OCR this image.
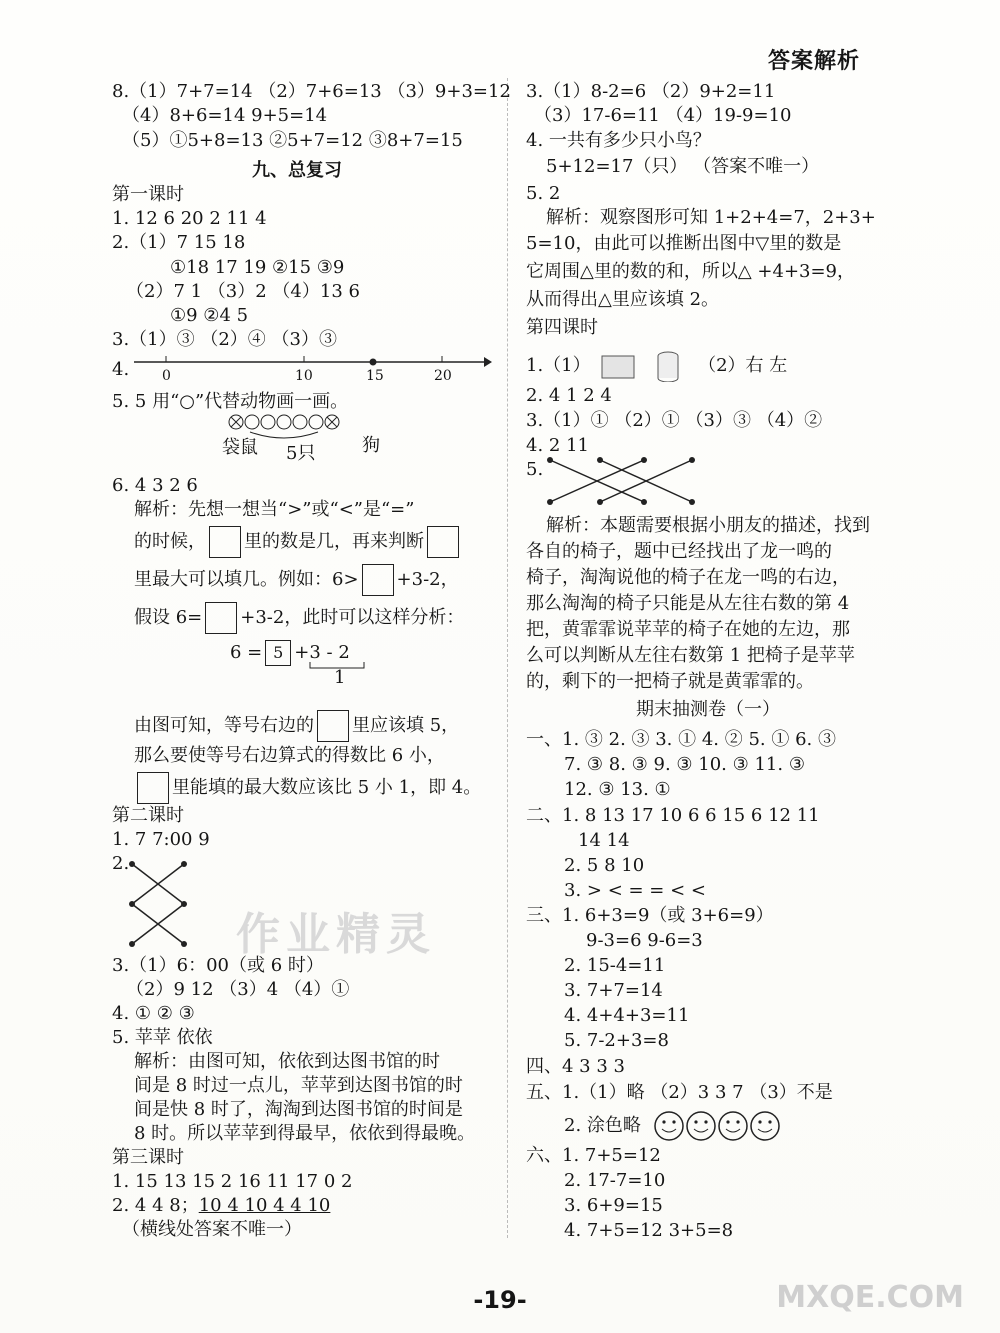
答案解析
作业精灵
8.（1）7+7=14 （2）7+6=13 （3）9+3=12
（4）8+6=14 9+5=14
（5）①5+8=13 ②5+7=12 ③8+7=15
九、总复习
第一课时
1. 12 6 20 2 11 4
2.（1）7 15 18
①18 17 19 ②15 ③9
（2）7 1 （3）2 （4）13 6
①9 ②4 5
3.（1）③ （2）④ （3）③
4. 0	10	15	20
5. 5 用“○”代替动物画一画。
袋鼠 5只	狗
6. 4 3 2 6
解析：先想一想当“>”或“<”是“=”
的时候， 里的数是几，再来判断
里最大可以填几。例如：6> +3-2，
假设 6= +3-2，此时可以这样分析：
6 = 5 +3 - 2
1
由图可知，等号右边的 里应该填 5，
那么要使等号右边算式的得数比 6 小，
里能填的最大数应该比 5 小 1，即 4。
第二课时
1. 7 7:00 9
2.
3.（1）6：00（或 6 时）
（2）9 12 （3）4 （4）①
4. ① ② ③
5. 苹苹 依依
解析：由图可知，依依到达图书馆的时
间是 8 时过一点儿，苹苹到达图书馆的时
间是快 8 时了，淘淘到达图书馆的时间是
8 时。所以苹苹到得最早，依依到得最晚。
第三课时
1. 15 13 15 2 16 11 17 0 2
2. 4 4 8；10 4 10 4 4 10
（横线处答案不唯一）
3.（1）8-2=6 （2）9+2=11
（3）17-6=11 （4）19-9=10
4. 一共有多少只小鸟？
5+12=17（只） （答案不唯一）
5. 2
解析：观察图形可知 1+2+4=7，2+3+
5=10，由此可以推断出图中▽里的数是
它周围△里的数的和，所以△ +4+3=9，
从而得出△里应该填 2。
第四课时
1.（1）	（2）右 左
2. 4 1 2 4
3.（1）① （2）① （3）③ （4）②
4. 2 11
5.
解析：本题需要根据小朋友的描述，找到
各自的椅子，题中已经找出了龙一鸣的
椅子，淘淘说他的椅子在龙一鸣的右边，
那么淘淘的椅子只能是从左往右数的第 4
把，黄霏霏说苹苹的椅子在她的左边，那
么可以判断从左往右数第 1 把椅子是苹苹
的，剩下的一把椅子就是黄霏霏的。
期末抽测卷（一）
一、1. ③ 2. ③ 3. ① 4. ② 5. ① 6. ③
7. ③ 8. ③ 9. ③ 10. ③ 11. ③
12. ③ 13. ①
二、1. 8 13 17 10 6 6 15 6 12 11
14 14
2. 5 8 10
3. > < = = < <
三、1. 6+3=9（或 3+6=9）
9-3=6 9-6=3
2. 15-4=11
3. 7+7=14
4. 4+4+3=11
5. 7-2+3=8
四、4 3 3 3
五、1.（1）略 （2）3 3 7 （3）不是
2. 涂色略
六、1. 7+5=12
2. 17-7=10
3. 6+9=15
4. 7+5=12 3+5=8
-19-	MXQE.COM
